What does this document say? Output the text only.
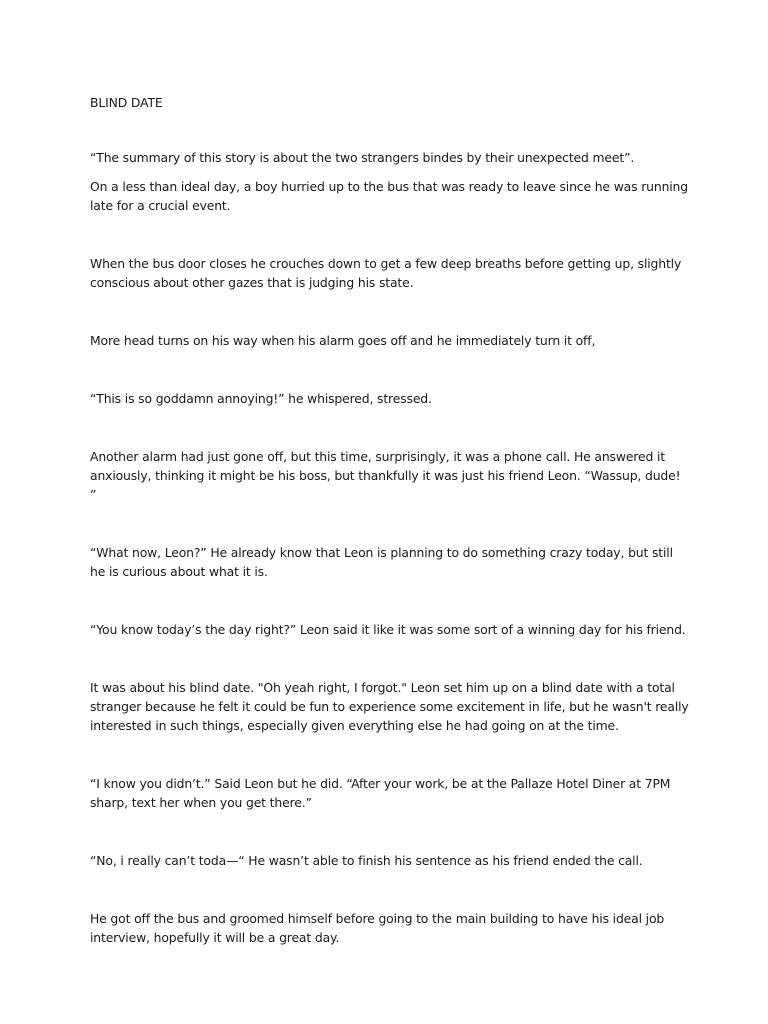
BLIND DATE

“The summary of this story is about the two strangers bindes by their unexpected meet”.

On a less than ideal day, a boy hurried up to the bus that was ready to leave since he was running late for a crucial event.

When the bus door closes he crouches down to get a few deep breaths before getting up, slightly conscious about other gazes that is judging his state.

More head turns on his way when his alarm goes off and he immediately turn it off,

“This is so goddamn annoying!” he whispered, stressed.

Another alarm had just gone off, but this time, surprisingly, it was a phone call. He answered it anxiously, thinking it might be his boss, but thankfully it was just his friend Leon. “Wassup, dude! ”

“What now, Leon?” He already know that Leon is planning to do something crazy today, but still he is curious about what it is.

“You know today’s the day right?” Leon said it like it was some sort of a winning day for his friend.

It was about his blind date. "Oh yeah right, I forgot." Leon set him up on a blind date with a total stranger because he felt it could be fun to experience some excitement in life, but he wasn't really interested in such things, especially given everything else he had going on at the time.

“I know you didn’t.” Said Leon but he did. “After your work, be at the Pallaze Hotel Diner at 7PM sharp, text her when you get there.”

“No, i really can’t toda—“ He wasn’t able to finish his sentence as his friend ended the call.

He got off the bus and groomed himself before going to the main building to have his ideal job interview, hopefully it will be a great day.
